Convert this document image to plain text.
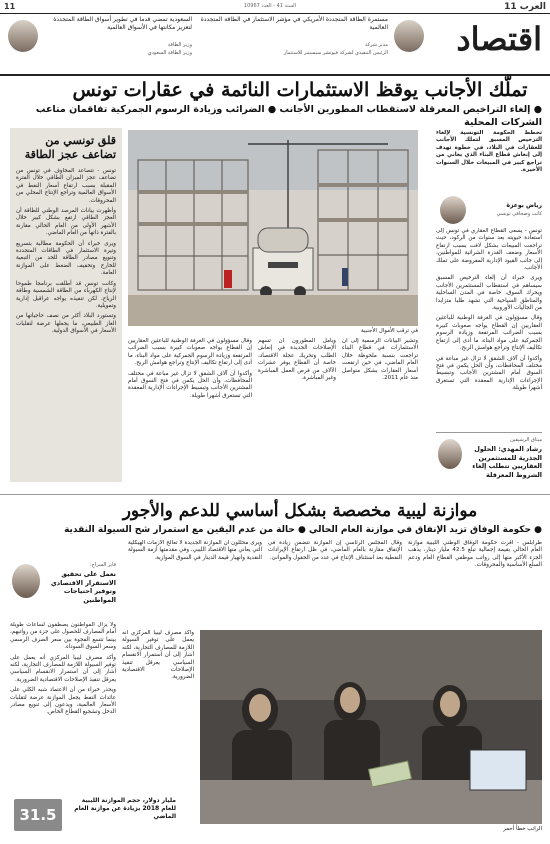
العرب 11
السنة 41 - العدد 10967
11
اقتصاد
مستمرة الطاقة المتجددة الأمريكي في مؤشر الاستثمار في الطاقة المتجددة العالمية
مدير شركة
الرئيس التنفيذي لشركة فيوتشر سيستمز للاستثمار
السعودية تمضي قدما في تطوير أسواق الطاقة المتجددة لتعزيز مكانتها في الأسواق العالمية
وزير الطاقة
وزير الطاقة السعودي
تملّك الأجانب يوقظ الاستثمارات النائمة في عقارات تونس
● إلغاء التراخيص المعرقلة لاستقطاب المطورين الأجانب ● الضرائب وزيادة الرسوم الجمركية تفاقمان متاعب الشركات المحلية
تخطط الحكومة التونسية لإلغاء الترخيص المسبق لتملك الأجانب للعقارات في البلاد، في خطوة تهدف إلى إنعاش قطاع البناء الذي يعاني من تراجع كبير في المبيعات خلال السنوات الأخيرة.
رياض بوعزة
كاتب وصحافي تونسي

تونس - يسعى القطاع العقاري في تونس إلى استعادة حيويته بعد سنوات من الركود، حيث تراجعت المبيعات بشكل لافت بسبب ارتفاع الأسعار وضعف القدرة الشرائية للمواطنين، إلى جانب القيود الإدارية المفروضة على تملك الأجانب.

ويرى خبراء أن إلغاء الترخيص المسبق سيساهم في استقطاب المستثمرين الأجانب ويحرك السوق، خاصة في المدن الساحلية والمناطق السياحية التي تشهد طلبا متزايدا من الجاليات الأوروبية.

وقال مسؤولون في الغرفة الوطنية للباعثين العقاريين إن القطاع يواجه صعوبات كبيرة بسبب الضرائب المرتفعة وزيادة الرسوم الجمركية على مواد البناء، ما أدى إلى ارتفاع تكاليف الإنتاج وتراجع هوامش الربح.

وأكدوا أن آلاف الشقق لا تزال غير مباعة في مختلف المحافظات، وأن الحل يكمن في فتح السوق أمام المشترين الأجانب وتبسيط الإجراءات الإدارية المعقدة التي تستغرق أشهرا طويلة.

ميثاق الرشيقين
رشاد المهدي: الحلول الجذرية للمستثمرين العقاريين تتطلب إلغاء الشروط المعرقلة
في ترقب الأموال الأجنبية
وتشير البيانات الرسمية إلى أن الاستثمارات في قطاع البناء تراجعت بنسبة ملحوظة خلال العام الماضي، في حين ارتفعت أسعار العقارات بشكل متواصل منذ عام 2011.
ويأمل المطورون أن تسهم الإصلاحات الجديدة في إنعاش الطلب وتحريك عجلة الاقتصاد، خاصة أن القطاع يوفر عشرات الآلاف من فرص العمل المباشرة وغير المباشرة.

وقال مسؤولون في الغرفة الوطنية للباعثين العقاريين إن القطاع يواجه صعوبات كبيرة بسبب الضرائب المرتفعة وزيادة الرسوم الجمركية على مواد البناء، ما أدى إلى ارتفاع تكاليف الإنتاج وتراجع هوامش الربح.

وأكدوا أن آلاف الشقق لا تزال غير مباعة في مختلف المحافظات، وأن الحل يكمن في فتح السوق أمام المشترين الأجانب وتبسيط الإجراءات الإدارية المعقدة التي تستغرق أشهرا طويلة.

قلق تونسي من تضاعف عجز الطاقة

تونس - تتصاعد المخاوف في تونس من تضاعف عجز الميزان الطاقي خلال الفترة المقبلة بسبب ارتفاع أسعار النفط في الأسواق العالمية وتراجع الإنتاج المحلي من المحروقات.

وأظهرت بيانات المرصد الوطني للطاقة أن العجز الطاقي ارتفع بشكل كبير خلال الأشهر الأولى من العام الحالي مقارنة بالفترة ذاتها من العام الماضي.

ويرى خبراء أن الحكومة مطالبة بتسريع وتيرة الاستثمار في الطاقات المتجددة وتنويع مصادر الطاقة للحد من التبعية للخارج وتخفيف الضغط على الموازنة العامة.

وكانت تونس قد أطلقت برنامجا طموحا لإنتاج الكهرباء من الطاقة الشمسية وطاقة الرياح، لكن تنفيذه يواجه عراقيل إدارية وتمويلية.

وتستورد البلاد أكثر من نصف حاجياتها من الغاز الطبيعي، ما يجعلها عرضة لتقلبات الأسعار في الأسواق الدولية.

موازنة ليبية مخصصة بشكل أساسي للدعم والأجور
● حكومة الوفاق تزيد الإنفاق في موازنة العام الحالي ● حالة من عدم اليقين مع استمرار شح السيولة النقدية
طرابلس - أقرت حكومة الوفاق الوطني الليبية موازنة العام الحالي بقيمة إجمالية تبلغ 42.5 مليار دينار، يذهب الجزء الأكبر منها إلى رواتب موظفي القطاع العام ودعم السلع الأساسية والمحروقات.
وقال المجلس الرئاسي إن الموازنة تتضمن زيادة في الإنفاق مقارنة بالعام الماضي، في ظل ارتفاع الإيرادات النفطية بعد استئناف الإنتاج في عدد من الحقول والموانئ.
ويرى محللون أن الموازنة الجديدة لا تعالج الأزمات الهيكلية التي يعاني منها الاقتصاد الليبي، وفي مقدمتها أزمة السيولة النقدية وانهيار قيمة الدينار في السوق الموازية.
فايز السراج:
نعمل على تحقيق الاستقرار الاقتصادي وتوفير احتياجات المواطنين

ولا يزال المواطنون يصطفون لساعات طويلة أمام المصارف للحصول على جزء من رواتبهم، بينما تتسع الفجوة بين سعر الصرف الرسمي وسعر السوق السوداء.

وأكد مصرف ليبيا المركزي أنه يعمل على توفير السيولة اللازمة للمصارف التجارية، لكنه أشار إلى أن استمرار الانقسام السياسي يعرقل تنفيذ الإصلاحات الاقتصادية الضرورية.

ويحذر خبراء من أن الاعتماد شبه الكلي على عائدات النفط يجعل الموازنة عرضة لتقلبات الأسعار العالمية، ويدعون إلى تنويع مصادر الدخل وتشجيع القطاع الخاص.

وأكد مصرف ليبيا المركزي أنه يعمل على توفير السيولة اللازمة للمصارف التجارية، لكنه أشار إلى أن استمرار الانقسام السياسي يعرقل تنفيذ الإصلاحات الاقتصادية الضرورية.
الراتب خطأ أحمر
31.5
مليار دولار، حجم الموازنة الليبية للعام 2018 بزيادة عن موازنة العام الماضي
